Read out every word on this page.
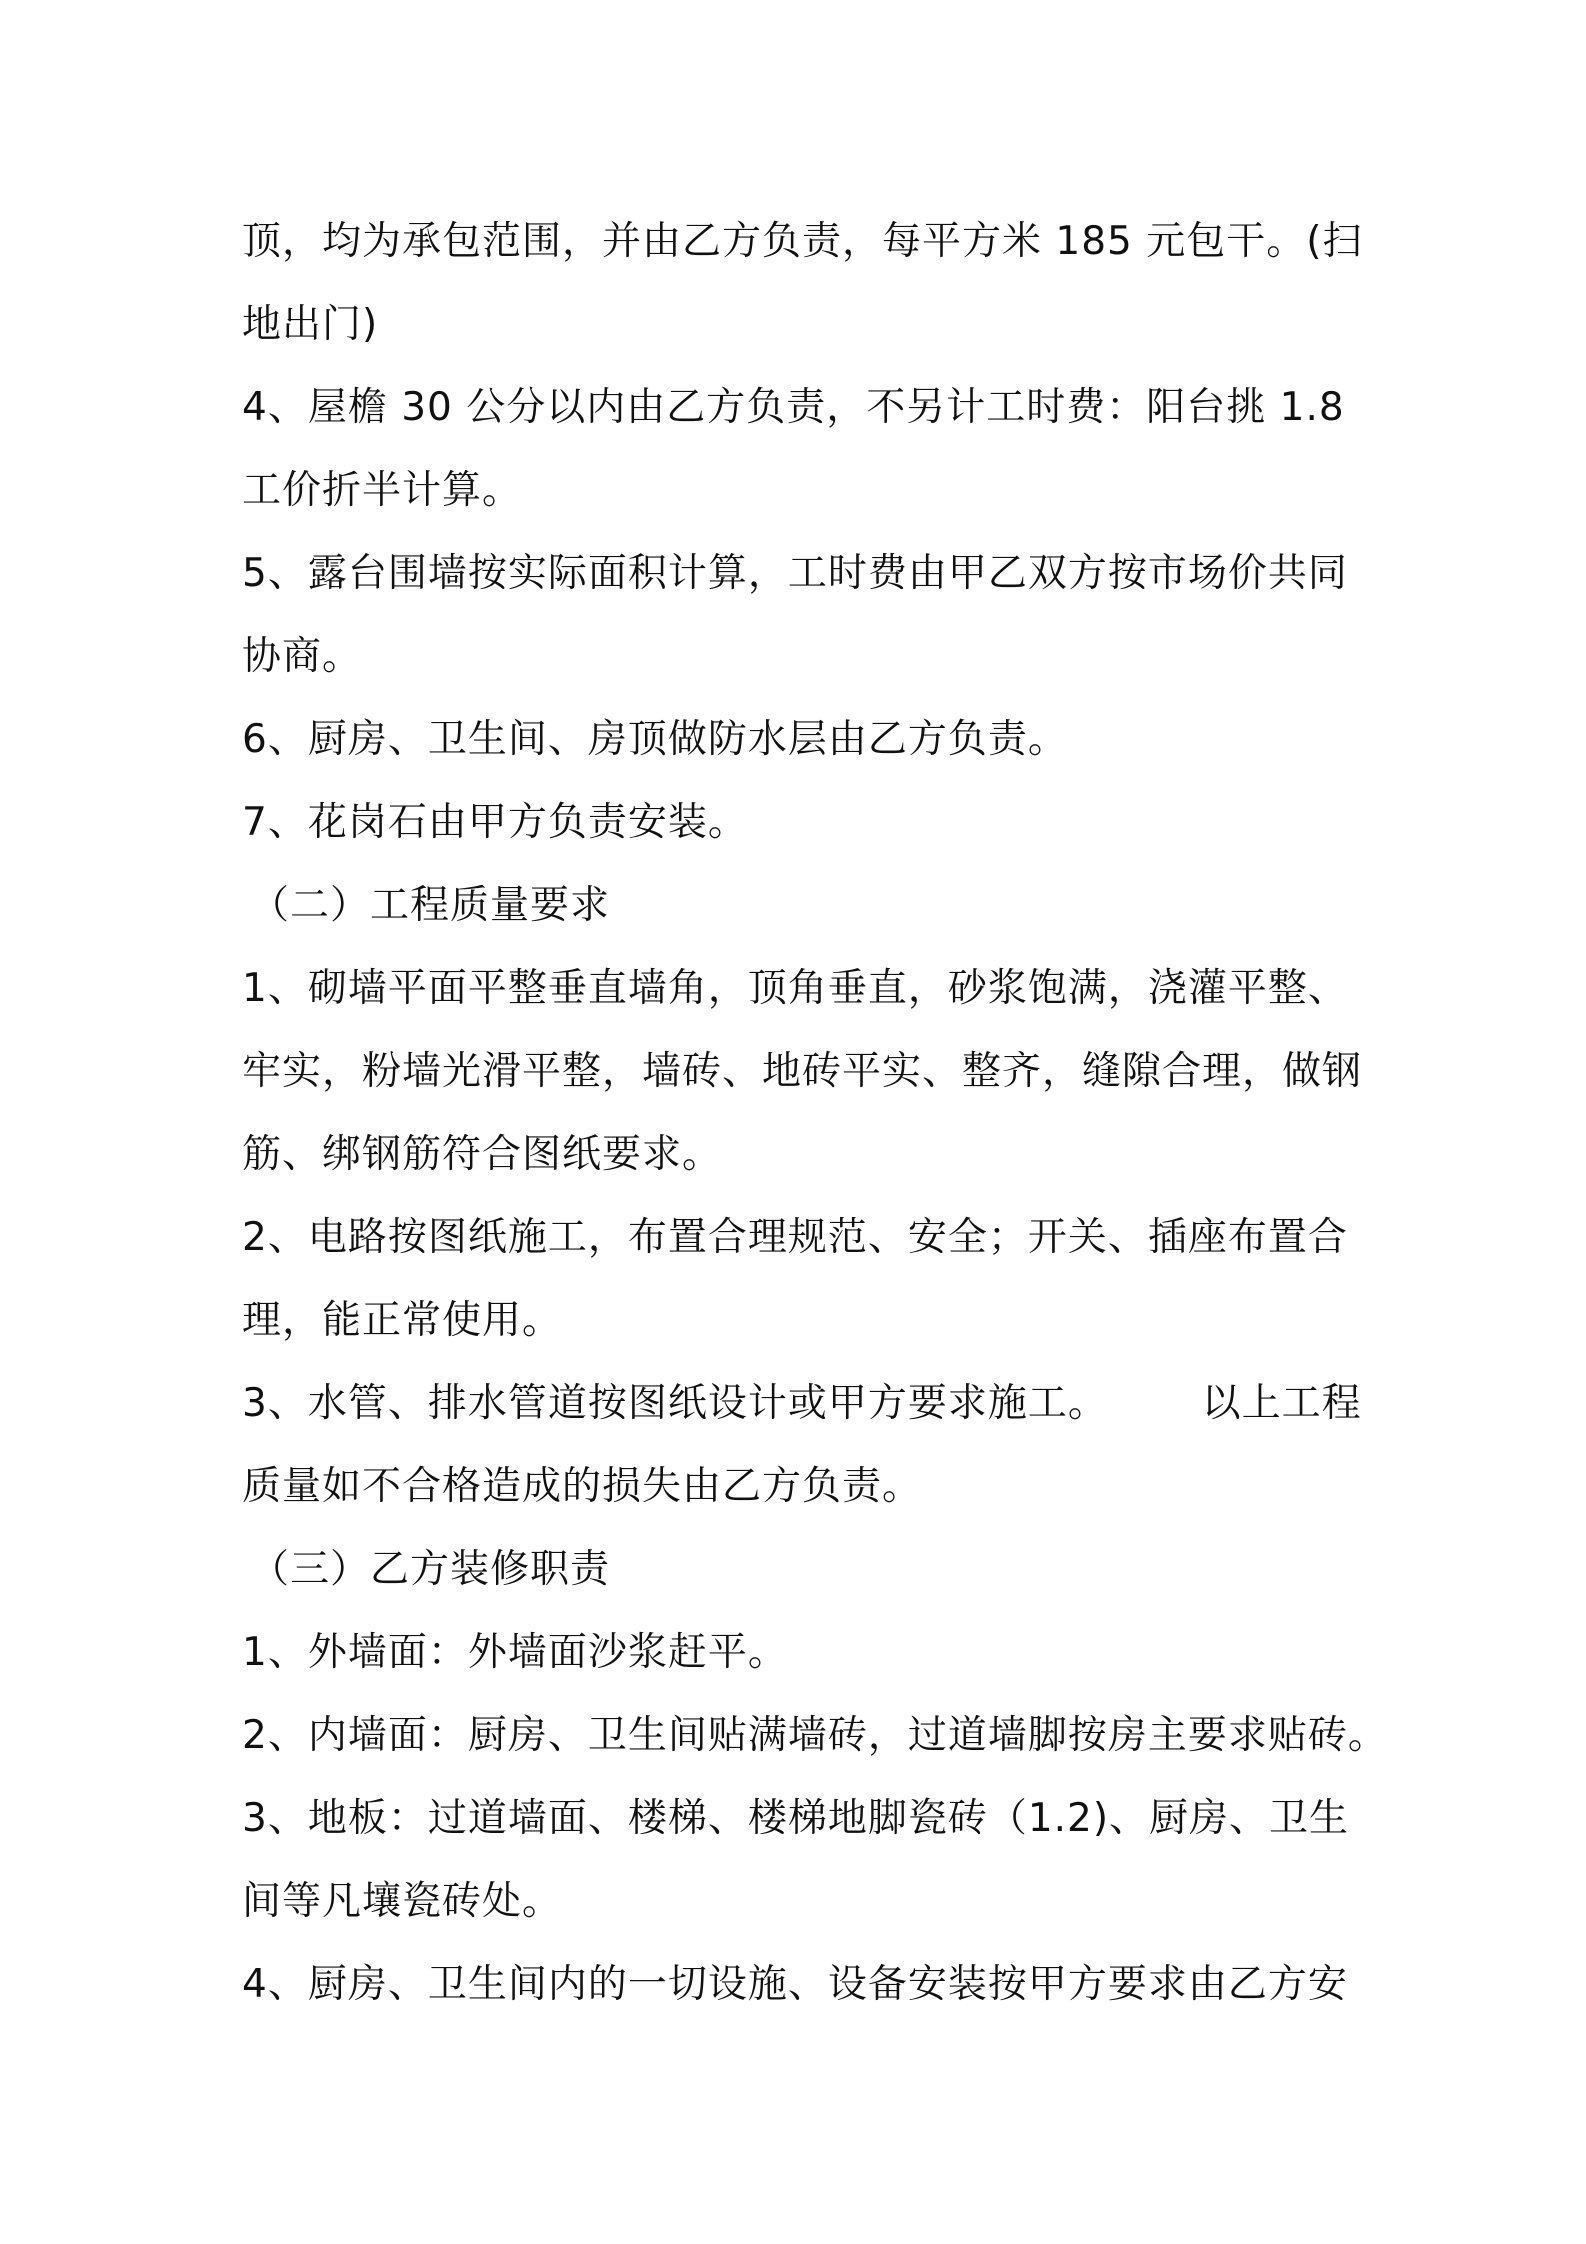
顶，均为承包范围，并由乙方负责，每平方米 185 元包干。(扫
地出门)
4、屋檐 30 公分以内由乙方负责，不另计工时费：阳台挑 1.8
工价折半计算。
5、露台围墙按实际面积计算，工时费由甲乙双方按市场价共同
协商。
6、厨房、卫生间、房顶做防水层由乙方负责。
7、花岗石由甲方负责安装。
（二）工程质量要求
1、砌墙平面平整垂直墙角，顶角垂直，砂浆饱满，浇灌平整、
牢实，粉墙光滑平整，墙砖、地砖平实、整齐，缝隙合理，做钢
筋、绑钢筋符合图纸要求。
2、电路按图纸施工，布置合理规范、安全；开关、插座布置合
理，能正常使用。
3、水管、排水管道按图纸设计或甲方要求施工。       以上工程
质量如不合格造成的损失由乙方负责。
（三）乙方装修职责
1、外墙面：外墙面沙浆赶平。
2、内墙面：厨房、卫生间贴满墙砖，过道墙脚按房主要求贴砖。
3、地板：过道墙面、楼梯、楼梯地脚瓷砖（1.2)、厨房、卫生
间等凡壤瓷砖处。
4、厨房、卫生间内的一切设施、设备安装按甲方要求由乙方安
